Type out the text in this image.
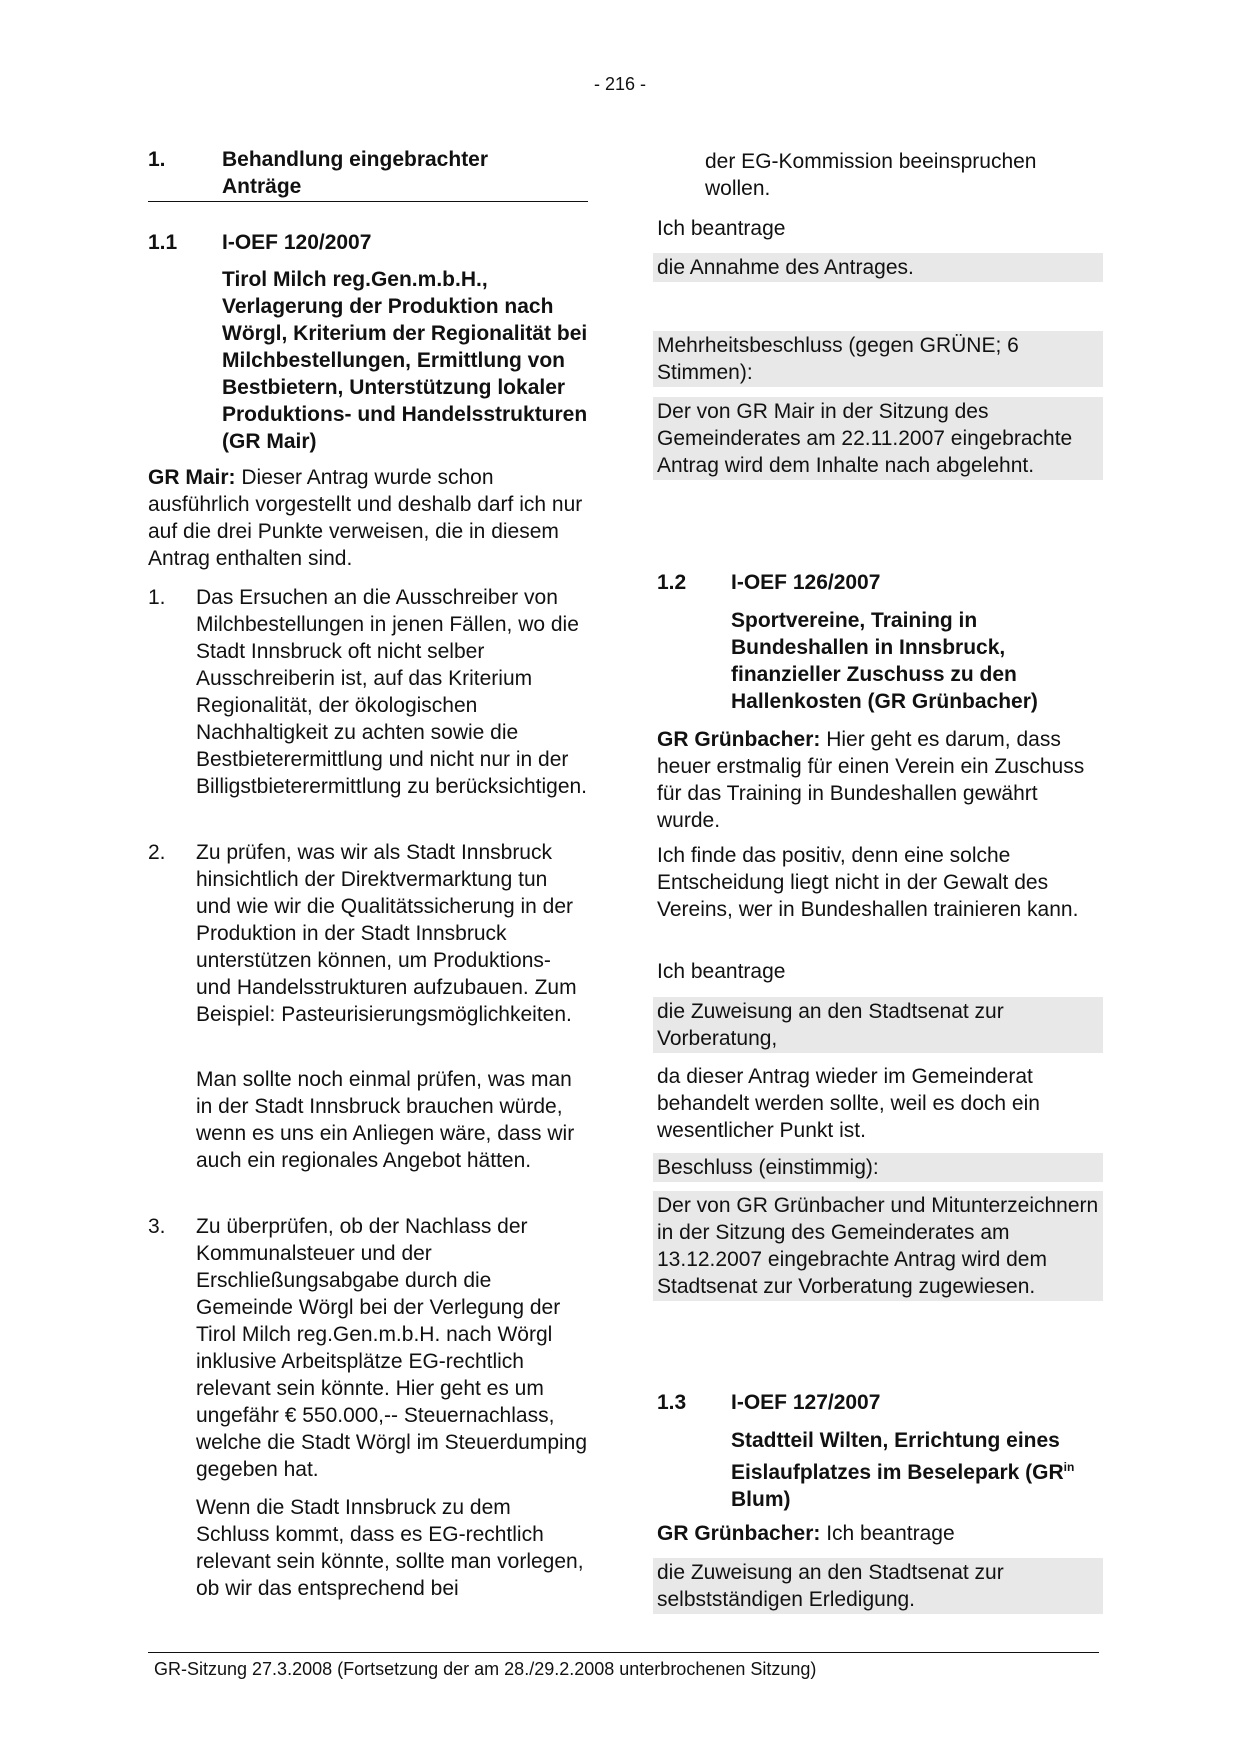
- 216 -
1.	Behandlung eingebrachter Anträge
1.1 I-OEF 120/2007
Tirol Milch reg.Gen.m.b.H., Verlagerung der Produktion nach Wörgl, Kriterium der Regionalität bei Milchbestellungen, Ermittlung von Bestbietern, Unterstützung lokaler Produktions- und Handelsstrukturen (GR Mair)

GR Mair: Dieser Antrag wurde schon ausführlich vorgestellt und deshalb darf ich nur auf die drei Punkte verweisen, die in diesem Antrag enthalten sind.

1. Das Ersuchen an die Ausschreiber von Milchbestellungen in jenen Fällen, wo die Stadt Innsbruck oft nicht selber Ausschreiberin ist, auf das Kriterium Regionalität, der ökologischen Nachhaltigkeit zu achten sowie die Bestbieterermittlung und nicht nur in der Billigstbieterermittlung zu berücksichtigen.
2. Zu prüfen, was wir als Stadt Innsbruck hinsichtlich der Direktvermarktung tun und wie wir die Qualitätssicherung in der Produktion in der Stadt Innsbruck unterstützen können, um Produktions- und Handelsstrukturen aufzubauen. Zum Beispiel: Pasteurisierungsmöglichkeiten.
Man sollte noch einmal prüfen, was man in der Stadt Innsbruck brauchen würde, wenn es uns ein Anliegen wäre, dass wir auch ein regionales Angebot hätten.
3. Zu überprüfen, ob der Nachlass der Kommunalsteuer und der Erschließungsabgabe durch die Gemeinde Wörgl bei der Verlegung der Tirol Milch reg.Gen.m.b.H. nach Wörgl inklusive Arbeitsplätze EG-rechtlich relevant sein könnte. Hier geht es um ungefähr € 550.000,-- Steuernachlass, welche die Stadt Wörgl im Steuerdumping gegeben hat.
Wenn die Stadt Innsbruck zu dem Schluss kommt, dass es EG-rechtlich relevant sein könnte, sollte man vorlegen, ob wir das entsprechend bei

der EG-Kommission beeinspruchen wollen.

Ich beantrage

die Annahme des Antrages.

Mehrheitsbeschluss (gegen GRÜNE; 6 Stimmen):

Der von GR Mair in der Sitzung des Gemeinderates am 22.11.2007 eingebrachte Antrag wird dem Inhalte nach abgelehnt.

1.2 I-OEF 126/2007
Sportvereine, Training in Bundeshallen in Innsbruck, finanzieller Zuschuss zu den Hallenkosten (GR Grünbacher)

GR Grünbacher: Hier geht es darum, dass heuer erstmalig für einen Verein ein Zuschuss für das Training in Bundeshallen gewährt wurde.

Ich finde das positiv, denn eine solche Entscheidung liegt nicht in der Gewalt des Vereins, wer in Bundeshallen trainieren kann.

Ich beantrage

die Zuweisung an den Stadtsenat zur Vorberatung,

da dieser Antrag wieder im Gemeinderat behandelt werden sollte, weil es doch ein wesentlicher Punkt ist.

Beschluss (einstimmig):

Der von GR Grünbacher und Mitunterzeichnern in der Sitzung des Gemeinderates am 13.12.2007 eingebrachte Antrag wird dem Stadtsenat zur Vorberatung zugewiesen.

1.3 I-OEF 127/2007
Stadtteil Wilten, Errichtung eines Eislaufplatzes im Beselepark ($GR^{in}$ Blum)

GR Grünbacher: Ich beantrage

die Zuweisung an den Stadtsenat zur selbstständigen Erledigung.

GR-Sitzung 27.3.2008 (Fortsetzung der am 28./29.2.2008 unterbrochenen Sitzung)
